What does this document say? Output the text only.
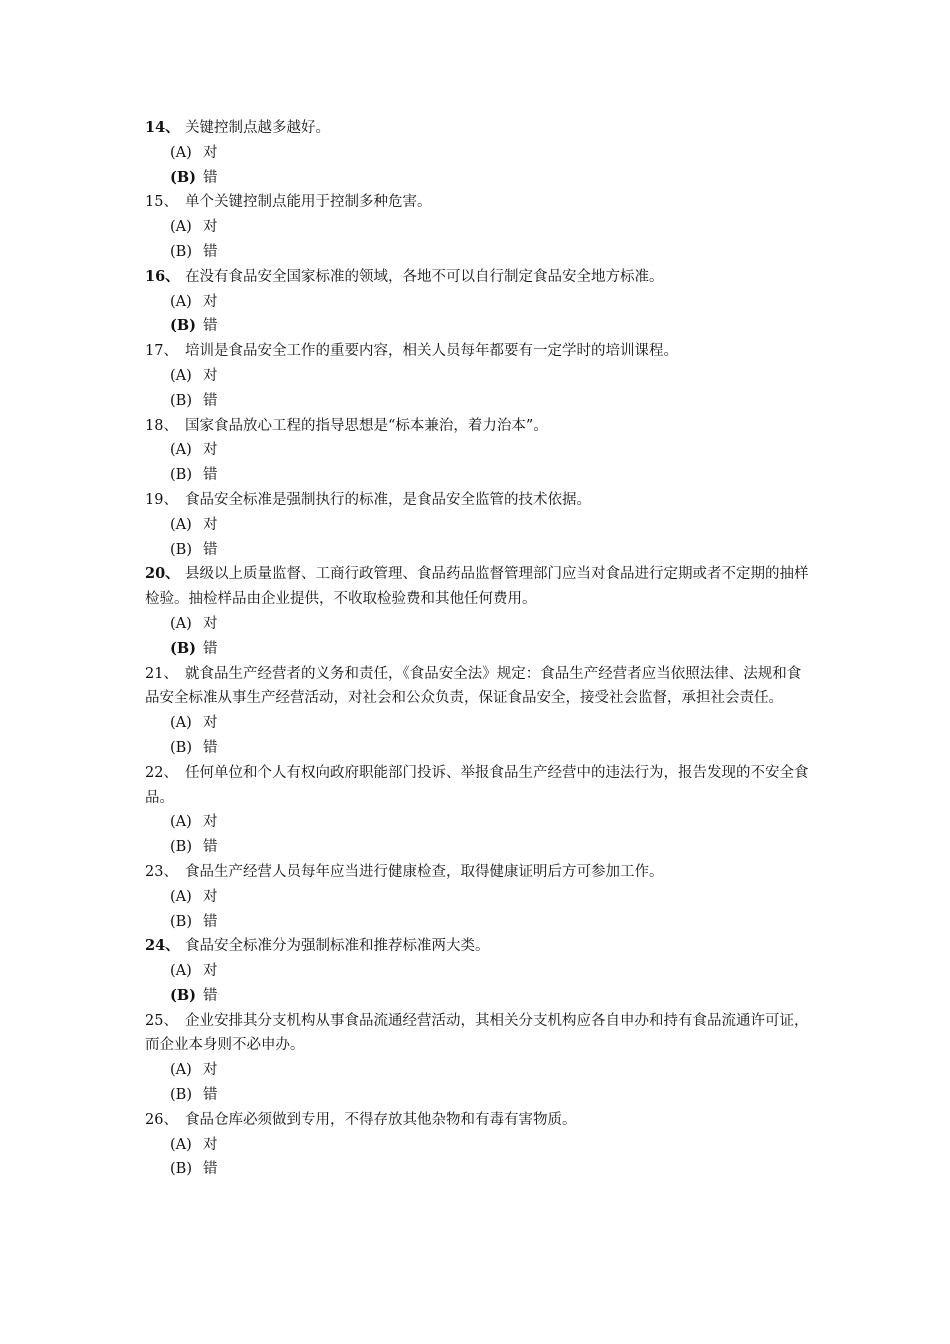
14、 关键控制点越多越好。

(A) 对

(B) 错

15、 单个关键控制点能用于控制多种危害。

(A) 对

(B) 错

16、 在没有食品安全国家标准的领域，各地不可以自行制定食品安全地方标准。

(A) 对

(B) 错

17、 培训是食品安全工作的重要内容，相关人员每年都要有一定学时的培训课程。

(A) 对

(B) 错

18、 国家食品放心工程的指导思想是“标本兼治，着力治本”。

(A) 对

(B) 错

19、 食品安全标准是强制执行的标准，是食品安全监管的技术依据。

(A) 对

(B) 错

20、 县级以上质量监督、工商行政管理、食品药品监督管理部门应当对食品进行定期或者不定期的抽样检验。抽检样品由企业提供，不收取检验费和其他任何费用。

(A) 对

(B) 错

21、 就食品生产经营者的义务和责任，《食品安全法》规定：食品生产经营者应当依照法律、法规和食品安全标准从事生产经营活动，对社会和公众负责，保证食品安全，接受社会监督，承担社会责任。

(A) 对

(B) 错

22、 任何单位和个人有权向政府职能部门投诉、举报食品生产经营中的违法行为，报告发现的不安全食品。

(A) 对

(B) 错

23、 食品生产经营人员每年应当进行健康检查，取得健康证明后方可参加工作。

(A) 对

(B) 错

24、 食品安全标准分为强制标准和推荐标准两大类。

(A) 对

(B) 错

25、 企业安排其分支机构从事食品流通经营活动，其相关分支机构应各自申办和持有食品流通许可证，而企业本身则不必申办。

(A) 对

(B) 错

26、 食品仓库必须做到专用，不得存放其他杂物和有毒有害物质。

(A) 对

(B) 错
